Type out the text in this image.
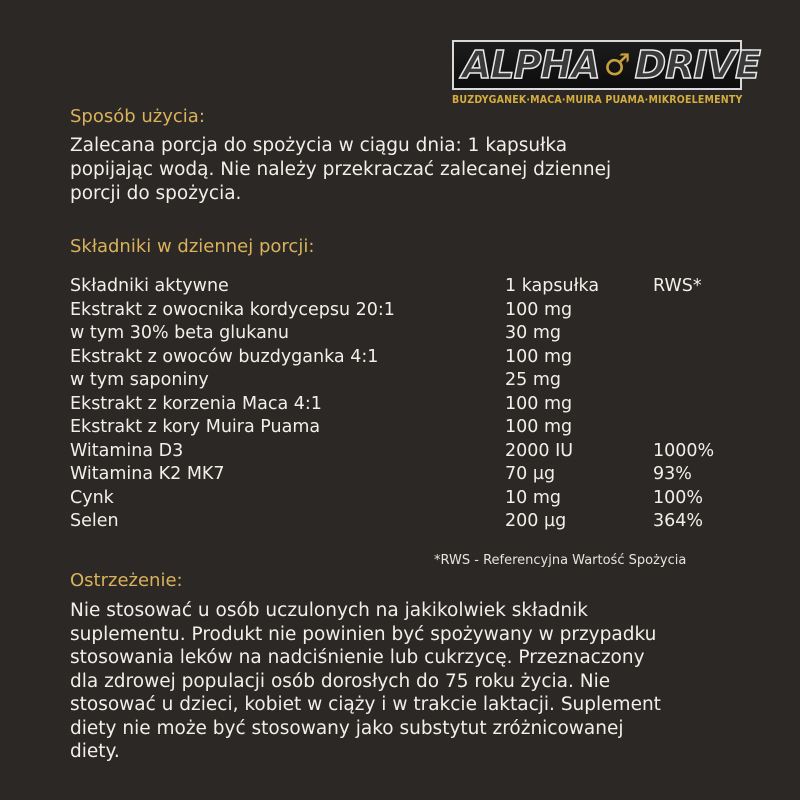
ALPHA ♂ DRIVE
BUZDYGANEK·MACA·MUIRA PUAMA·MIKROELEMENTY
Sposób użycia:
Zalecana porcja do spożycia w ciągu dnia: 1 kapsułka
popijając wodą. Nie należy przekraczać zalecanej dziennej
porcji do spożycia.
Składniki w dziennej porcji:
Składniki aktywne	1 kapsułka	RWS*
Ekstrakt z owocnika kordycepsu 20:1	100 mg
w tym 30% beta glukanu	30 mg
Ekstrakt z owoców buzdyganka 4:1	100 mg
w tym saponiny	25 mg
Ekstrakt z korzenia Maca 4:1	100 mg
Ekstrakt z kory Muira Puama	100 mg
Witamina D3	2000 IU	1000%
Witamina K2 MK7	70 µg	93%
Cynk	10 mg	100%
Selen	200 µg	364%
*RWS - Referencyjna Wartość Spożycia
Ostrzeżenie:
Nie stosować u osób uczulonych na jakikolwiek składnik
suplementu. Produkt nie powinien być spożywany w przypadku
stosowania leków na nadciśnienie lub cukrzycę. Przeznaczony
dla zdrowej populacji osób dorosłych do 75 roku życia. Nie
stosować u dzieci, kobiet w ciąży i w trakcie laktacji. Suplement
diety nie może być stosowany jako substytut zróżnicowanej
diety.
